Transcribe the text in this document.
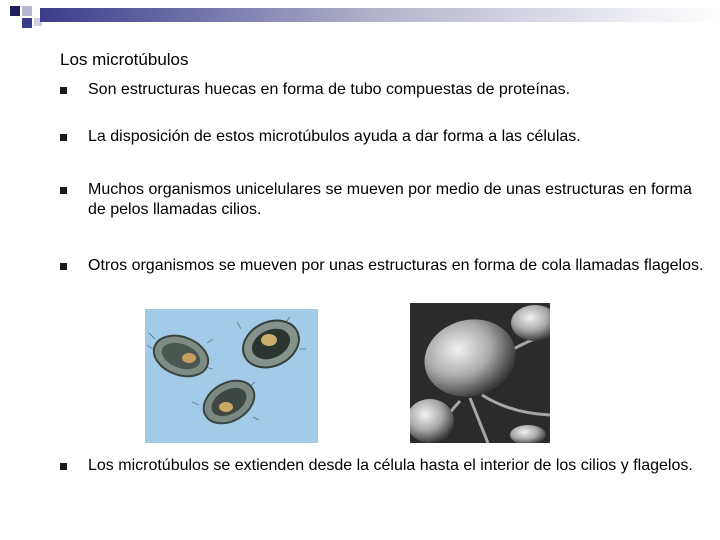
Los microtúbulos
Son estructuras huecas en forma de tubo compuestas de proteínas.
La disposición de estos microtúbulos ayuda a dar forma a las células.
Muchos organismos unicelulares se mueven por medio de unas estructuras en forma de pelos llamadas cilios.
Otros organismos se mueven por unas estructuras en forma de cola llamadas flagelos.
Los microtúbulos se extienden desde la célula hasta el interior de los cilios y flagelos.
